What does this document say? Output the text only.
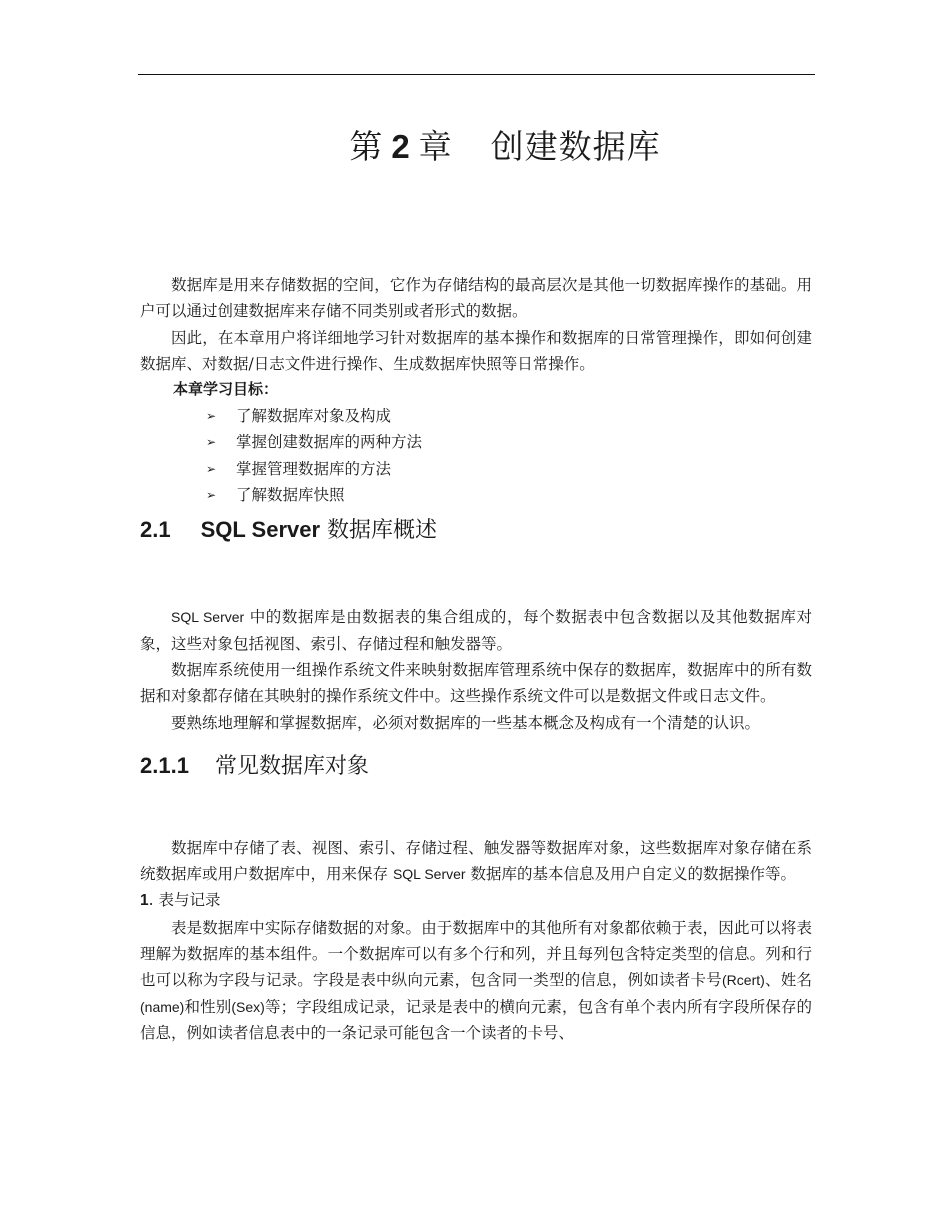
第 2 章 创建数据库

数据库是用来存储数据的空间，它作为存储结构的最高层次是其他一切数据库操作的基础。用户可以通过创建数据库来存储不同类别或者形式的数据。

因此，在本章用户将详细地学习针对数据库的基本操作和数据库的日常管理操作，即如何创建数据库、对数据/日志文件进行操作、生成数据库快照等日常操作。

本章学习目标：
➢	了解数据库对象及构成
➢	掌握创建数据库的两种方法
➢	掌握管理数据库的方法
➢	了解数据库快照
2.1 SQL Server 数据库概述

SQL Server 中的数据库是由数据表的集合组成的，每个数据表中包含数据以及其他数据库对象，这些对象包括视图、索引、存储过程和触发器等。

数据库系统使用一组操作系统文件来映射数据库管理系统中保存的数据库，数据库中的所有数据和对象都存储在其映射的操作系统文件中。这些操作系统文件可以是数据文件或日志文件。

要熟练地理解和掌握数据库，必须对数据库的一些基本概念及构成有一个清楚的认识。

2.1.1 常见数据库对象

数据库中存储了表、视图、索引、存储过程、触发器等数据库对象，这些数据库对象存储在系统数据库或用户数据库中，用来保存 SQL Server 数据库的基本信息及用户自定义的数据操作等。

1. 表与记录

表是数据库中实际存储数据的对象。由于数据库中的其他所有对象都依赖于表，因此可以将表理解为数据库的基本组件。一个数据库可以有多个行和列，并且每列包含特定类型的信息。列和行也可以称为字段与记录。字段是表中纵向元素，包含同一类型的信息，例如读者卡号(Rcert)、姓名(name)和性别(Sex)等；字段组成记录，记录是表中的横向元素，包含有单个表内所有字段所保存的信息，例如读者信息表中的一条记录可能包含一个读者的卡号、
